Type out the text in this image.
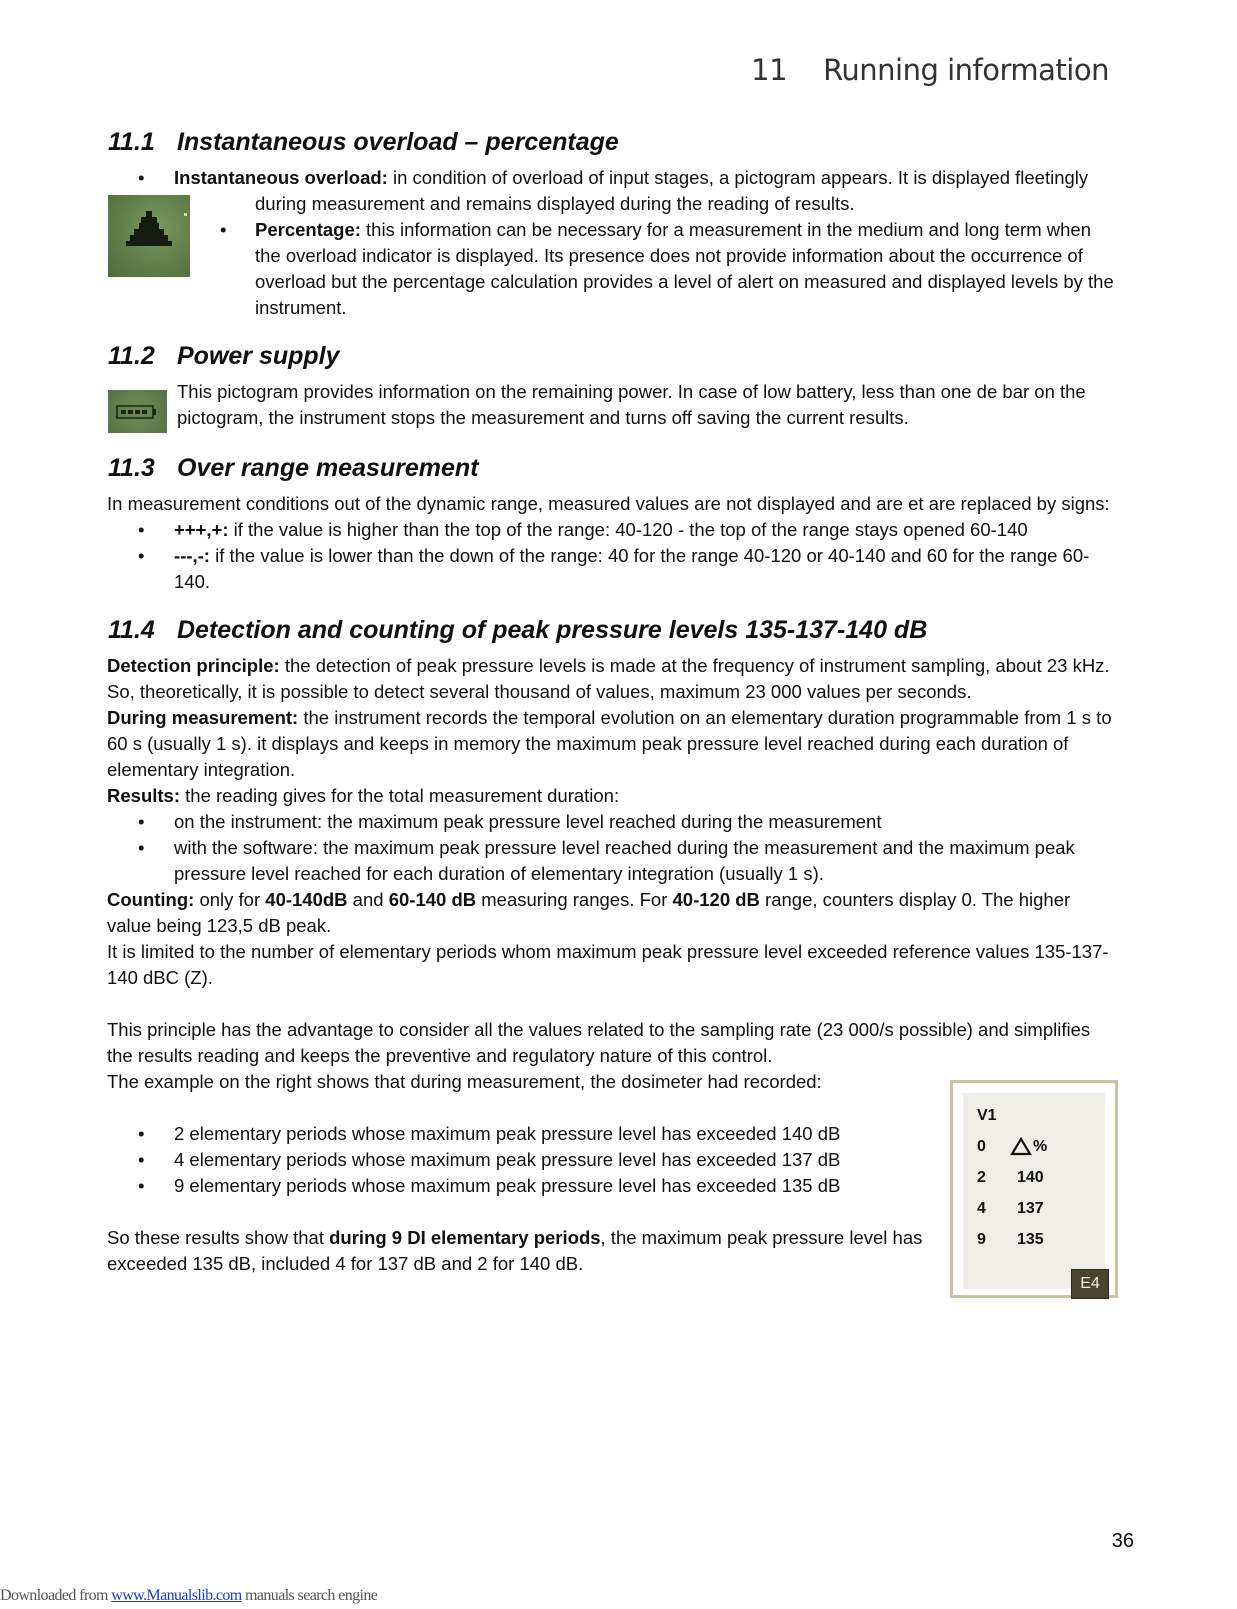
11 Running information
11.1 Instantaneous overload – percentage
• Instantaneous overload: in condition of overload of input stages, a pictogram appears. It is displayed fleetingly
during measurement and remains displayed during the reading of results.
• Percentage: this information can be necessary for a measurement in the medium and long term when
the overload indicator is displayed. Its presence does not provide information about the occurrence of
overload but the percentage calculation provides a level of alert on measured and displayed levels by the
instrument.
11.2 Power supply
This pictogram provides information on the remaining power. In case of low battery, less than one de bar on the
pictogram, the instrument stops the measurement and turns off saving the current results.
11.3 Over range measurement
In measurement conditions out of the dynamic range, measured values are not displayed and are et are replaced by signs:
• +++,+: if the value is higher than the top of the range: 40-120 - the top of the range stays opened 60-140
• ---,-: if the value is lower than the down of the range: 40 for the range 40-120 or 40-140 and 60 for the range 60-
140.
11.4 Detection and counting of peak pressure levels 135-137-140 dB
Detection principle: the detection of peak pressure levels is made at the frequency of instrument sampling, about 23 kHz.
So, theoretically, it is possible to detect several thousand of values, maximum 23 000 values per seconds.
During measurement: the instrument records the temporal evolution on an elementary duration programmable from 1 s to
60 s (usually 1 s). it displays and keeps in memory the maximum peak pressure level reached during each duration of
elementary integration.
Results: the reading gives for the total measurement duration:
• on the instrument: the maximum peak pressure level reached during the measurement
• with the software: the maximum peak pressure level reached during the measurement and the maximum peak
pressure level reached for each duration of elementary integration (usually 1 s).
Counting: only for 40-140dB and 60-140 dB measuring ranges. For 40-120 dB range, counters display 0. The higher
value being 123,5 dB peak.
It is limited to the number of elementary periods whom maximum peak pressure level exceeded reference values 135-137-
140 dBC (Z).
This principle has the advantage to consider all the values related to the sampling rate (23 000/s possible) and simplifies
the results reading and keeps the preventive and regulatory nature of this control.
The example on the right shows that during measurement, the dosimeter had recorded:
• 2 elementary periods whose maximum peak pressure level has exceeded 140 dB
• 4 elementary periods whose maximum peak pressure level has exceeded 137 dB
• 9 elementary periods whose maximum peak pressure level has exceeded 135 dB
So these results show that during 9 DI elementary periods, the maximum peak pressure level has
exceeded 135 dB, included 4 for 137 dB and 2 for 140 dB.
V1
0	%
2 140
4 137
9 135
E4
36
Downloaded from www.Manualslib.com manuals search engine
